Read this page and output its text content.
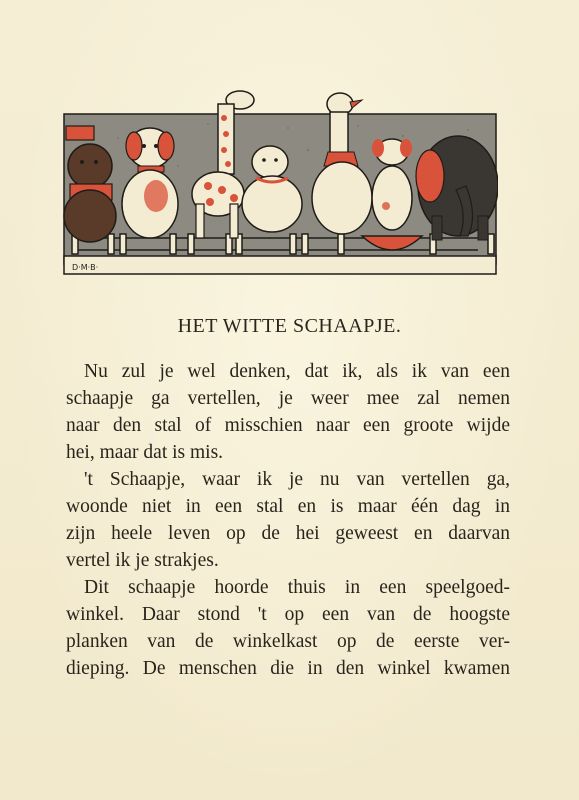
D·M·B·
HET WITTE SCHAAPJE.
Nu zul je wel denken, dat ik, als ik van een
schaapje ga vertellen, je weer mee zal nemen
naar den stal of misschien naar een groote wijde
hei, maar dat is mis.
't Schaapje, waar ik je nu van vertellen ga,
woonde niet in een stal en is maar één dag in
zijn heele leven op de hei geweest en daarvan
vertel ik je strakjes.
Dit schaapje hoorde thuis in een speelgoed-
winkel. Daar stond 't op een van de hoogste
planken van de winkelkast op de eerste ver-
dieping. De menschen die in den winkel kwamen
